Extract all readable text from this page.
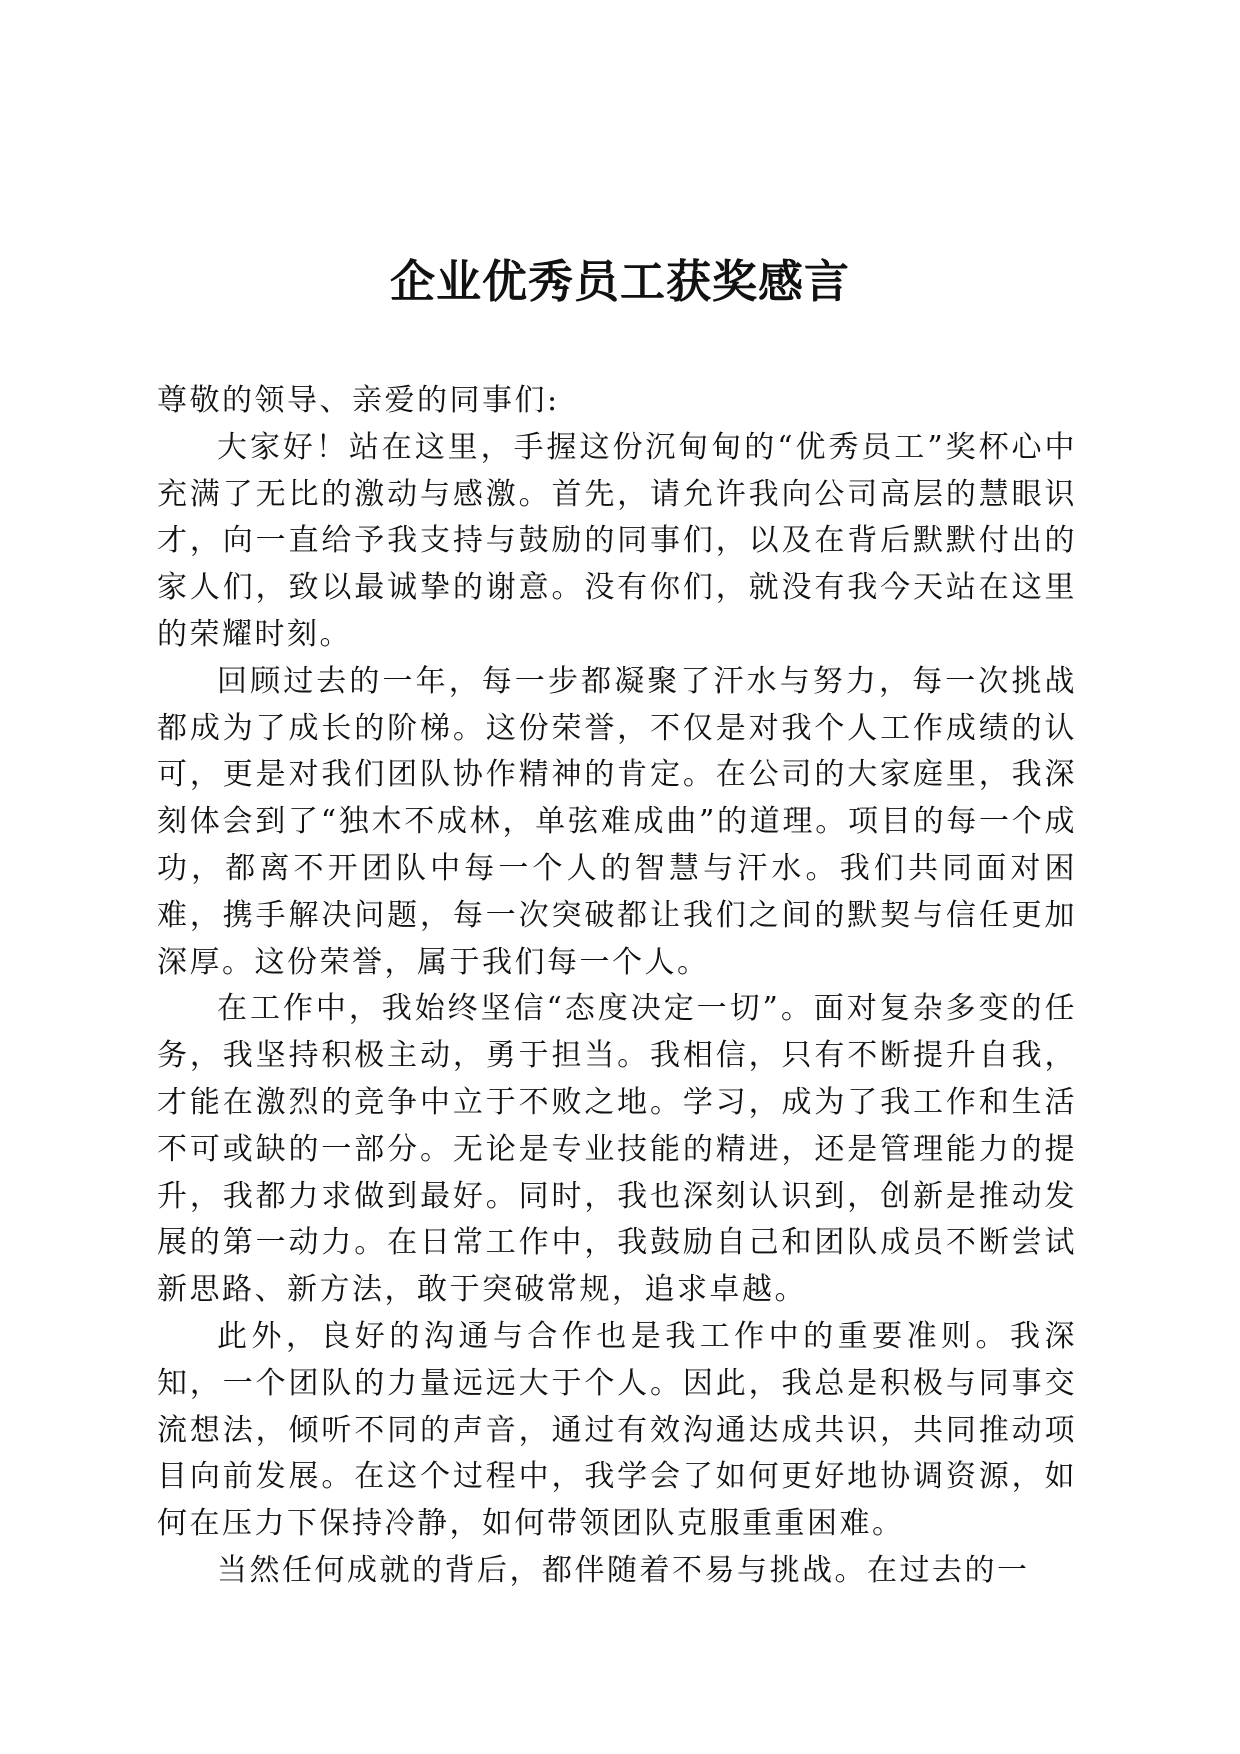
企业优秀员工获奖感言

尊敬的领导、亲爱的同事们:

大家好！站在这里，手握这份沉甸甸的“优秀员工”奖杯心中充满了无比的激动与感激。首先，请允许我向公司高层的慧眼识才，向一直给予我支持与鼓励的同事们，以及在背后默默付出的家人们，致以最诚挚的谢意。没有你们，就没有我今天站在这里的荣耀时刻。

回顾过去的一年，每一步都凝聚了汗水与努力，每一次挑战都成为了成长的阶梯。这份荣誉，不仅是对我个人工作成绩的认可，更是对我们团队协作精神的肯定。在公司的大家庭里，我深刻体会到了“独木不成林，单弦难成曲”的道理。项目的每一个成功，都离不开团队中每一个人的智慧与汗水。我们共同面对困难，携手解决问题，每一次突破都让我们之间的默契与信任更加深厚。这份荣誉，属于我们每一个人。

在工作中，我始终坚信“态度决定一切”。面对复杂多变的任务，我坚持积极主动，勇于担当。我相信，只有不断提升自我，才能在激烈的竞争中立于不败之地。学习，成为了我工作和生活不可或缺的一部分。无论是专业技能的精进，还是管理能力的提升，我都力求做到最好。同时，我也深刻认识到，创新是推动发展的第一动力。在日常工作中，我鼓励自己和团队成员不断尝试新思路、新方法，敢于突破常规，追求卓越。

此外，良好的沟通与合作也是我工作中的重要准则。我深知，一个团队的力量远远大于个人。因此，我总是积极与同事交流想法，倾听不同的声音，通过有效沟通达成共识，共同推动项目向前发展。在这个过程中，我学会了如何更好地协调资源，如何在压力下保持冷静，如何带领团队克服重重困难。

当然任何成就的背后，都伴随着不易与挑战。在过去的一
